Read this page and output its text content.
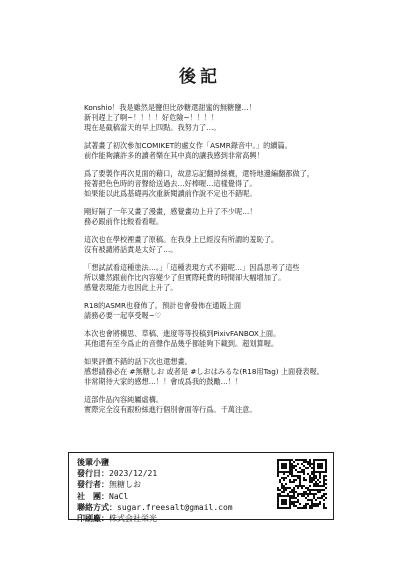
後記

Konshio！我是雖然是鹽但比砂糖還甜蜜的無糖鹽…！
新刊趕上了啊~！！！！好危險~！！！！
現在是截稿當天的早上四點。我努力了…。

試著畫了初次參加COMIKET的處女作「ASMR錄音中。」的續篇。
前作能夠讓許多的讀者樂在其中真的讓我感到非常高興！

爲了要製作再次見面的藉口，故意忘記翻掉絲襪，還特地邊編翻都做了，
接著把色色時的音聲給送過去…好棒喔…這樣覺得了。
如果能以此爲基礎再次重新閱讀前作說不定也不錯呢。

剛好隔了一年又畫了漫畫，感覺畫功上升了不少呢…！
務必跟前作比較看看喔。

這次也在學校裡畫了原稿。在我身上已經沒有所謂的羞恥了。
沒有被譴將話責是太好了…。

「想試試看這種塗法…。」「這種表現方式不錯呢…」因爲思考了這些
所以雖然跟前作比內容變少了但實際耗費的時間卻大幅增加了。
感覺表現能力也因此上升了。

R18的ASMR也發佈了。預計也會發佈在通販上面
請務必要一起享受喔~♡

本次也會將構思、草稿、進度等等投稿到PixivFANBOX上面。
其他還有至今爲止的音聲作品幾乎都能夠下載到。超划算喔。

如果評價不錯的話下次也還想畫。
感想請務必在 #無糖しお 或者是 #しおはみるな(R18用Tag) 上面發表喔。
非常期待大家的感想…！！會成爲我的鼓勵…！！

這部作品內容純屬虛構。
實際完全沒有跟粉絲進行個別會面等行爲。千萬注意。

後輩小鹽
發行日：2023/12/21
發行者：無糖しお
社　團：NaCl
聯絡方式：sugar.freesalt@gmail.com
印刷廠：株式会社栄光
